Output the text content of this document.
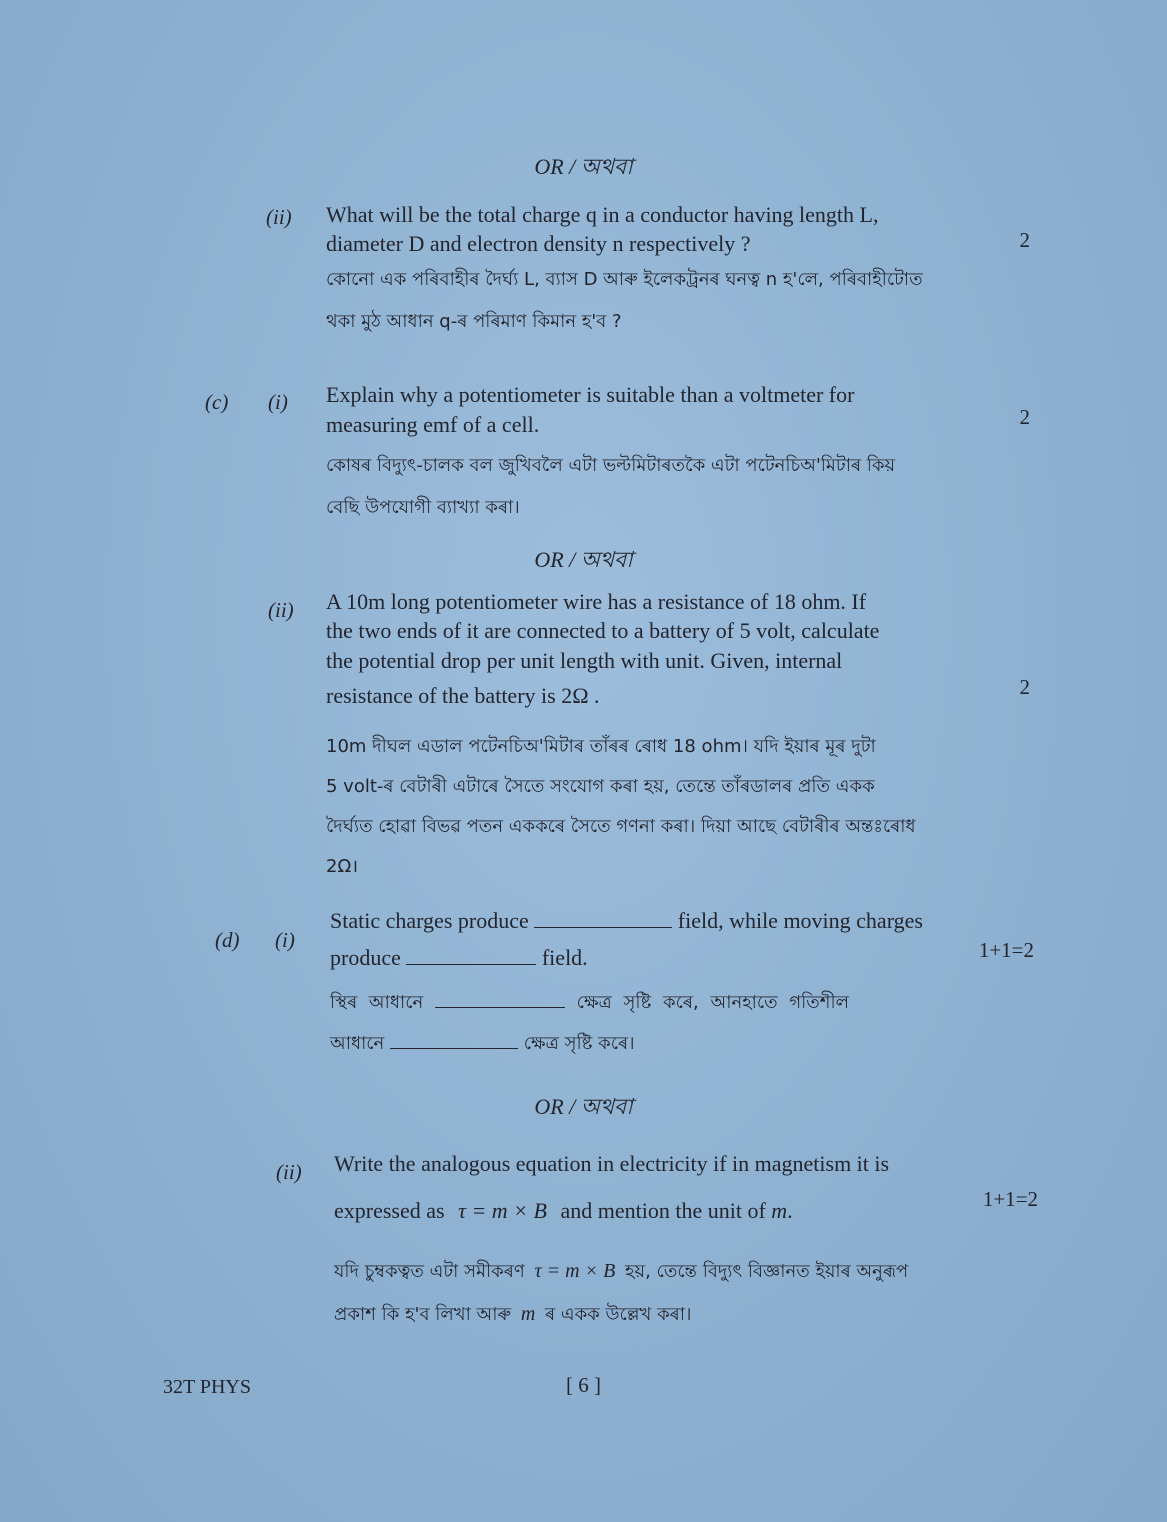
OR / অথবা
(ii) What will be the total charge q in a conductor having length L,
diameter D and electron density n respectively ?	2
কোনো এক পৰিবাহীৰ দৈৰ্ঘ্য L, ব্যাস D আৰু ইলেকট্ৰনৰ ঘনত্ব n হ'লে, পৰিবাহীটোত
থকা মুঠ আধান q-ৰ পৰিমাণ কিমান হ'ব ?
(c) (i) Explain why a potentiometer is suitable than a voltmeter for
measuring emf of a cell.	2
কোষৰ বিদ্যুৎ-চালক বল জুখিবলৈ এটা ভল্টমিটাৰতকৈ এটা পটেনচিঅ'মিটাৰ কিয়
বেছি উপযোগী ব্যাখ্যা কৰা।
OR / অথবা
(ii) A 10m long potentiometer wire has a resistance of 18 ohm. If
the two ends of it are connected to a battery of 5 volt, calculate
the potential drop per unit length with unit. Given, internal
resistance of the battery is 2Ω .	2
10m দীঘল এডাল পটেনচিঅ'মিটাৰ তাঁৰৰ ৰোধ 18 ohm। যদি ইয়াৰ মূৰ দুটা
5 volt-ৰ বেটাৰী এটাৰে সৈতে সংযোগ কৰা হয়, তেন্তে তাঁৰডালৰ প্ৰতি একক
দৈৰ্ঘ্যত হোৱা বিভৱ পতন এককৰে সৈতে গণনা কৰা। দিয়া আছে বেটাৰীৰ অন্তঃৰোধ
2Ω।
(d) (i)
Static charges produce	field, while moving charges
produce	field.	1+1=2
স্থিৰ আধানে	ক্ষেত্ৰ সৃষ্টি কৰে, আনহাতে গতিশীল
আধানে	ক্ষেত্ৰ সৃষ্টি কৰে।
OR / অথবা
(ii) Write the analogous equation in electricity if in magnetism it is
expressed as τ = m × B and mention the unit of m.	1+1=2
যদি চুম্বকত্বত এটা সমীকৰণ τ = m × B হয়, তেন্তে বিদ্যুৎ বিজ্ঞানত ইয়াৰ অনুৰূপ
প্ৰকাশ কি হ'ব লিখা আৰু m ৰ একক উল্লেখ কৰা।
32T PHYS	[ 6 ]
